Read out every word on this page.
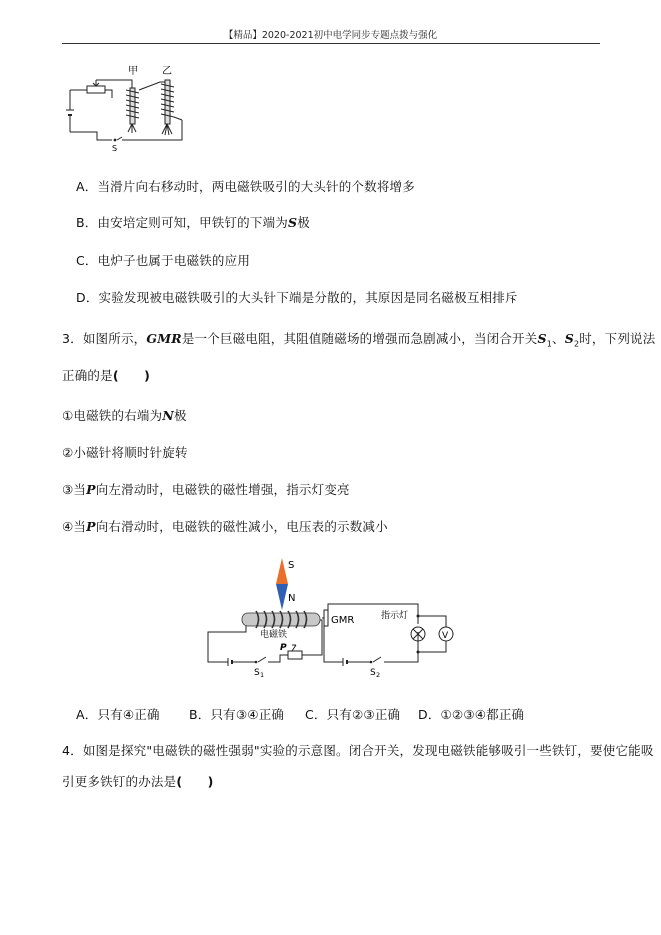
【精品】2020-2021初中电学同步专题点拨与强化
甲 乙
S
A．当滑片向右移动时，两电磁铁吸引的大头针的个数将增多
B．由安培定则可知，甲铁钉的下端为S极
C．电炉子也属于电磁铁的应用
D．实验发现被电磁铁吸引的大头针下端是分散的，其原因是同名磁极互相排斥
3．如图所示，GMR是一个巨磁电阻，其阻值随磁场的增强而急剧减小，当闭合开关$S_1$、$S_2$时，下列说法
正确的是(　　)
①电磁铁的右端为N极
②小磁针将顺时针旋转
③当P向左滑动时，电磁铁的磁性增强，指示灯变亮
④当P向右滑动时，电磁铁的磁性减小，电压表的示数减小
S
N
电磁铁
GMR	指示灯
V
P
S 1	S 2
A．只有④正确 B．只有③④正确 C．只有②③正确 D．①②③④都正确
4．如图是探究"电磁铁的磁性强弱"实验的示意图。闭合开关，发现电磁铁能够吸引一些铁钉，要使它能吸
引更多铁钉的办法是(　　)
